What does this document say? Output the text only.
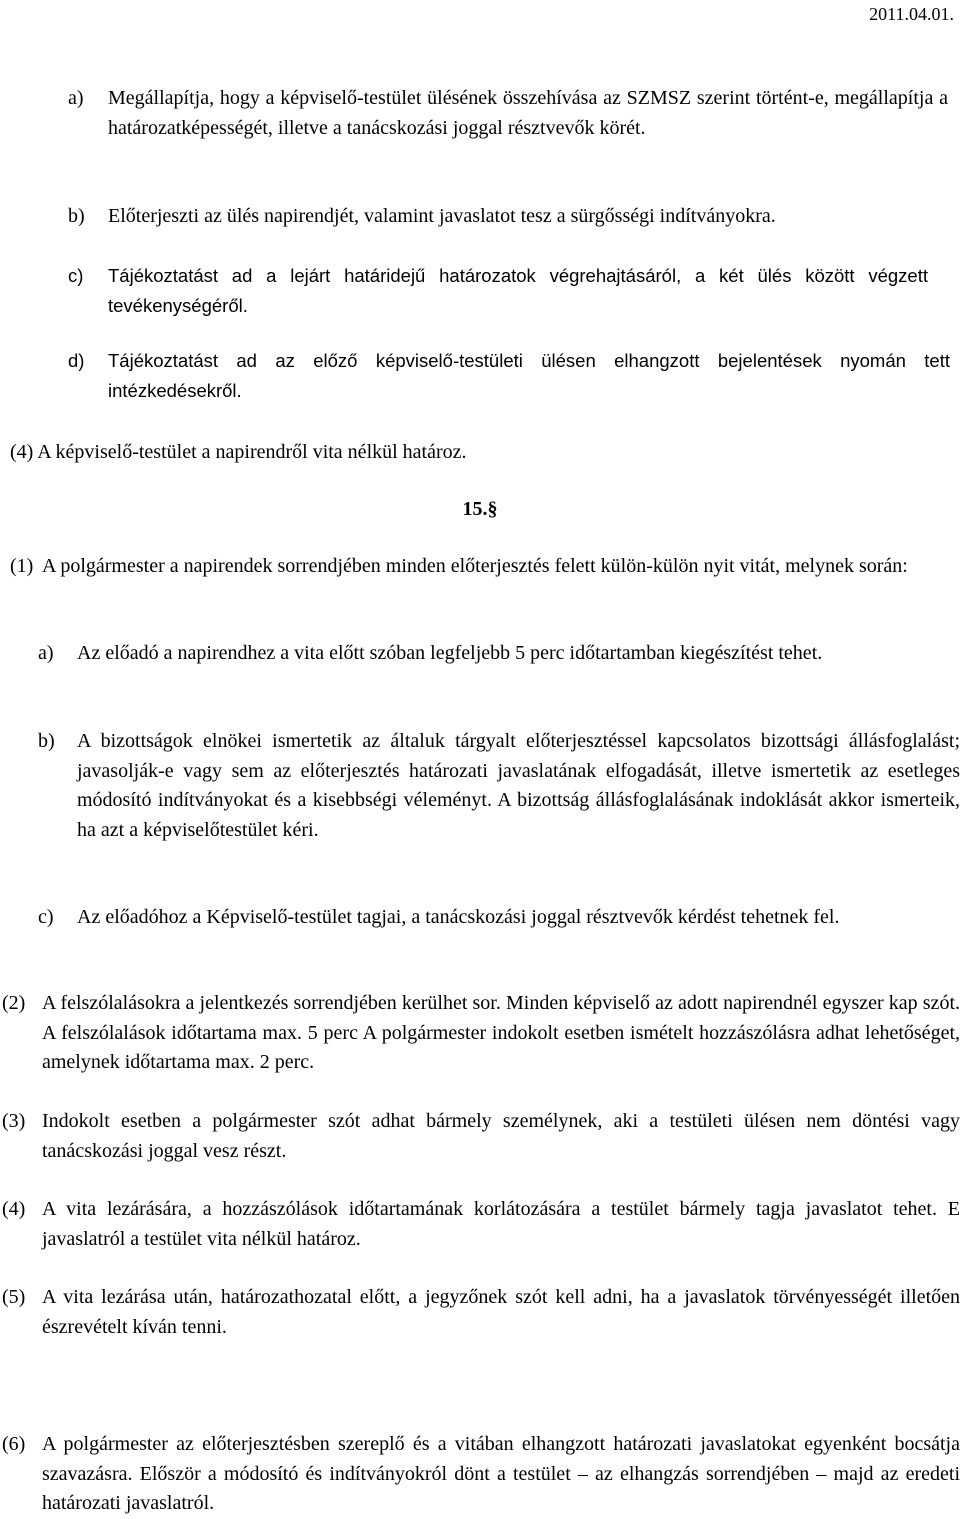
2011.04.01.
a) Megállapítja, hogy a képviselő-testület ülésének összehívása az SZMSZ szerint történt-e, megállapítja a határozatképességét, illetve a tanácskozási joggal résztvevők körét.
b) Előterjeszti az ülés napirendjét, valamint javaslatot tesz a sürgősségi indítványokra.
c) Tájékoztatást ad a lejárt határidejű határozatok végrehajtásáról, a két ülés között végzett tevékenységéről.
d) Tájékoztatást ad az előző képviselő-testületi ülésen elhangzott bejelentések nyomán tett intézkedésekről.
(4) A képviselő-testület a napirendről vita nélkül határoz.
15.§
(1) A polgármester a napirendek sorrendjében minden előterjesztés felett külön-külön nyit vitát, melynek során:
a) Az előadó a napirendhez a vita előtt szóban legfeljebb 5 perc időtartamban kiegészítést tehet.
b) A bizottságok elnökei ismertetik az általuk tárgyalt előterjesztéssel kapcsolatos bizottsági állásfoglalást; javasolják-e vagy sem az előterjesztés határozati javaslatának elfogadását, illetve ismertetik az esetleges módosító indítványokat és a kisebbségi véleményt. A bizottság állásfoglalásának indoklását akkor ismerteik, ha azt a képviselőtestület kéri.
c) Az előadóhoz a Képviselő-testület tagjai, a tanácskozási joggal résztvevők kérdést tehetnek fel.
(2) A felszólalásokra a jelentkezés sorrendjében kerülhet sor. Minden képviselő az adott napirendnél egyszer kap szót. A felszólalások időtartama max. 5 perc A polgármester indokolt esetben ismételt hozzászólásra adhat lehetőséget, amelynek időtartama max. 2 perc.
(3) Indokolt esetben a polgármester szót adhat bármely személynek, aki a testületi ülésen nem döntési vagy tanácskozási joggal vesz részt.
(4) A vita lezárására, a hozzászólások időtartamának korlátozására a testület bármely tagja javaslatot tehet. E javaslatról a testület vita nélkül határoz.
(5) A vita lezárása után, határozathozatal előtt, a jegyzőnek szót kell adni, ha a javaslatok törvényességét illetően észrevételt kíván tenni.
(6) A polgármester az előterjesztésben szereplő és a vitában elhangzott határozati javaslatokat egyenként bocsátja szavazásra. Először a módosító és indítványokról dönt a testület – az elhangzás sorrendjében – majd az eredeti határozati javaslatról.
